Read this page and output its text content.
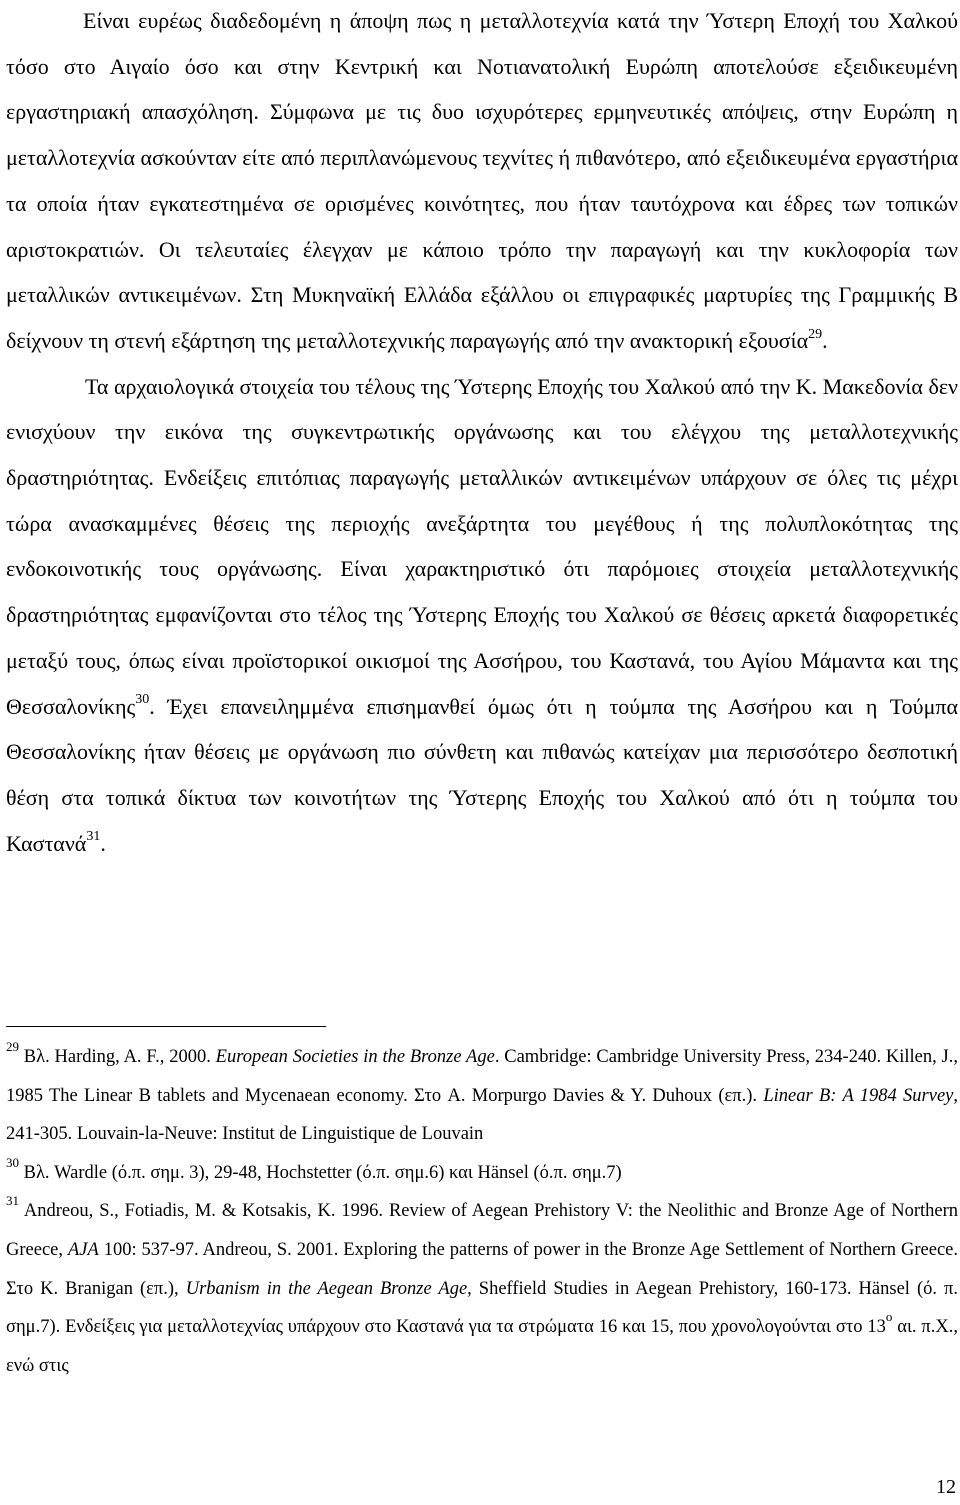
Είναι ευρέως διαδεδομένη η άποψη πως η μεταλλοτεχνία κατά την Ύστερη Εποχή του Χαλκού τόσο στο Αιγαίο όσο και στην Κεντρική και Νοτιανατολική Ευρώπη αποτελούσε εξειδικευμένη εργαστηριακή απασχόληση. Σύμφωνα με τις δυο ισχυρότερες ερμηνευτικές απόψεις, στην Ευρώπη η μεταλλοτεχνία ασκούνταν είτε από περιπλανώμενους τεχνίτες ή πιθανότερο, από εξειδικευμένα εργαστήρια τα οποία ήταν εγκατεστημένα σε ορισμένες κοινότητες, που ήταν ταυτόχρονα και έδρες των τοπικών αριστοκρατιών. Οι τελευταίες έλεγχαν με κάποιο τρόπο την παραγωγή και την κυκλοφορία των μεταλλικών αντικειμένων. Στη Μυκηναϊκή Ελλάδα εξάλλου οι επιγραφικές μαρτυρίες της Γραμμικής Β δείχνουν τη στενή εξάρτηση της μεταλλοτεχνικής παραγωγής από την ανακτορική εξουσία$^{29}$.

Τα αρχαιολογικά στοιχεία του τέλους της Ύστερης Εποχής του Χαλκού από την Κ. Μακεδονία δεν ενισχύουν την εικόνα της συγκεντρωτικής οργάνωσης και του ελέγχου της μεταλλοτεχνικής δραστηριότητας. Ενδείξεις επιτόπιας παραγωγής μεταλλικών αντικειμένων υπάρχουν σε όλες τις μέχρι τώρα ανασκαμμένες θέσεις της περιοχής ανεξάρτητα του μεγέθους ή της πολυπλοκότητας της ενδοκοινοτικής τους οργάνωσης. Είναι χαρακτηριστικό ότι παρόμοιες στοιχεία μεταλλοτεχνικής δραστηριότητας εμφανίζονται στο τέλος της Ύστερης Εποχής του Χαλκού σε θέσεις αρκετά διαφορετικές μεταξύ τους, όπως είναι προϊστορικοί οικισμοί της Ασσήρου, του Καστανά, του Αγίου Μάμαντα και της Θεσσαλονίκης$^{30}$. Έχει επανειλημμένα επισημανθεί όμως ότι η τούμπα της Ασσήρου και η Τούμπα Θεσσαλονίκης ήταν θέσεις με οργάνωση πιο σύνθετη και πιθανώς κατείχαν μια περισσότερο δεσποτική θέση στα τοπικά δίκτυα των κοινοτήτων της Ύστερης Εποχής του Χαλκού από ότι η τούμπα του Καστανά$^{31}$.

$^{29}$ Βλ. Harding, A. F., 2000. European Societies in the Bronze Age. Cambridge: Cambridge University Press, 234-240. Killen, J., 1985 The Linear B tablets and Mycenaean economy. Στο A. Morpurgo Davies & Y. Duhoux (επ.). Linear B: A 1984 Survey, 241-305. Louvain-la-Neuve: Institut de Linguistique de Louvain

$^{30}$ Βλ. Wardle (ό.π. σημ. 3), 29-48, Hochstetter (ό.π. σημ.6) και Hänsel (ό.π. σημ.7)

$^{31}$ Andreou, S., Fotiadis, M. & Kotsakis, K. 1996. Review of Aegean Prehistory V: the Neolithic and Bronze Age of Northern Greece, AJA 100: 537-97. Andreou, S. 2001. Exploring the patterns of power in the Bronze Age Settlement of Northern Greece. Στο K. Branigan (επ.), Urbanism in the Aegean Bronze Age, Sheffield Studies in Aegean Prehistory, 160-173. Hänsel (ό. π. σημ.7). Ενδείξεις για μεταλλοτεχνίας υπάρχουν στο Καστανά για τα στρώματα 16 και 15, που χρονολογούνται στο $13^o$ αι. π.Χ., ενώ στις

12
